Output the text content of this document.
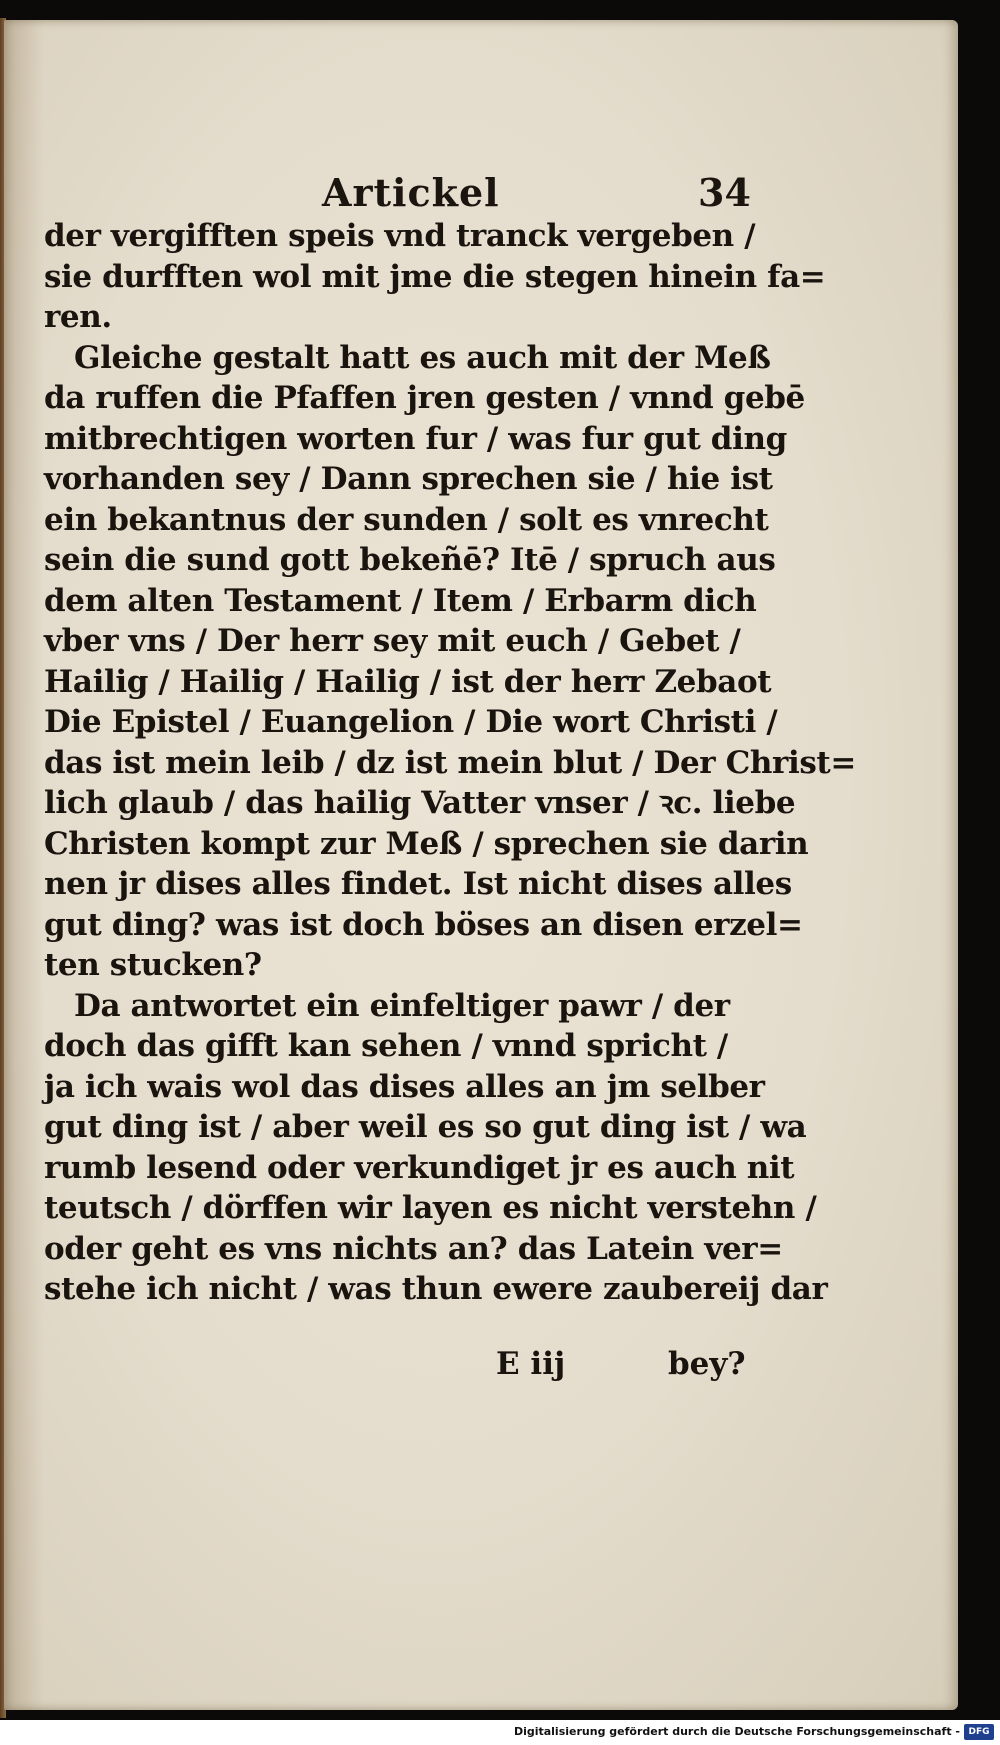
Artickel	34
der vergifften speis vnd tranck vergeben /
sie durfften wol mit jme die stegen hinein fa=
ren.
Gleiche gestalt hatt es auch mit der Meß
da ruffen die Pfaffen jren gesten / vnnd gebē
mitbrechtigen worten fur / was fur gut ding
vorhanden sey / Dann sprechen sie / hie ist
ein bekantnus der sunden / solt es vnrecht
sein die sund gott bekeñē? Itē / spruch aus
dem alten Testament / Item / Erbarm dich
vber vns / Der herr sey mit euch / Gebet /
Hailig / Hailig / Hailig / ist der herr Zebaot
Die Epistel / Euangelion / Die wort Christi /
das ist mein leib / dz ist mein blut / Der Christ=
lich glaub / das hailig Vatter vnser / ꝛc. liebe
Christen kompt zur Meß / sprechen sie darin
nen jr dises alles findet. Ist nicht dises alles
gut ding? was ist doch böses an disen erzel=
ten stucken?
Da antwortet ein einfeltiger pawr / der
doch das gifft kan sehen / vnnd spricht /
ja ich wais wol das dises alles an jm selber
gut ding ist / aber weil es so gut ding ist / wa
rumb lesend oder verkundiget jr es auch nit
teutsch / dörffen wir layen es nicht verstehn /
oder geht es vns nichts an? das Latein ver=
stehe ich nicht / was thun ewere zaubereij dar
E iij	bey?
Digitalisierung gefördert durch die Deutsche Forschungsgemeinschaft - DFG
